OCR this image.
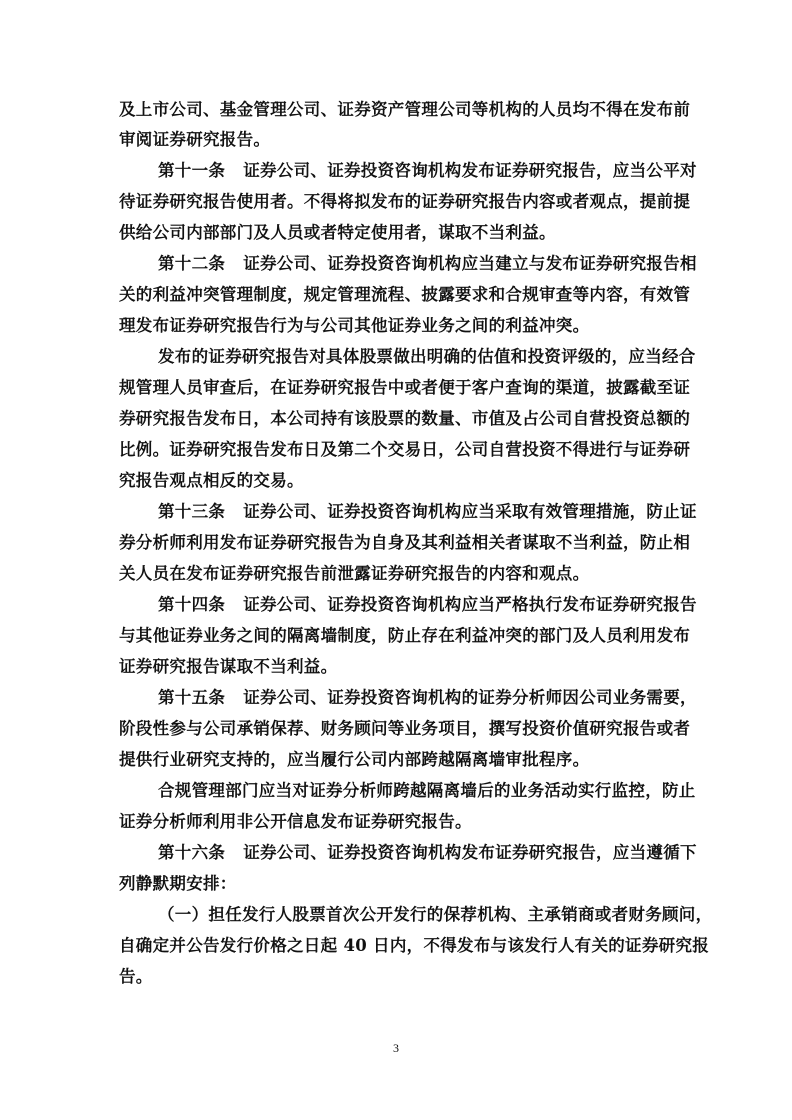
及上市公司、基金管理公司、证券资产管理公司等机构的人员均不得在发布前
审阅证券研究报告。
第十一条 证券公司、证券投资咨询机构发布证券研究报告，应当公平对
待证券研究报告使用者。不得将拟发布的证券研究报告内容或者观点，提前提
供给公司内部部门及人员或者特定使用者，谋取不当利益。
第十二条 证券公司、证券投资咨询机构应当建立与发布证券研究报告相
关的利益冲突管理制度，规定管理流程、披露要求和合规审查等内容，有效管
理发布证券研究报告行为与公司其他证券业务之间的利益冲突。
发布的证券研究报告对具体股票做出明确的估值和投资评级的，应当经合
规管理人员审查后，在证券研究报告中或者便于客户查询的渠道，披露截至证
券研究报告发布日，本公司持有该股票的数量、市值及占公司自营投资总额的
比例。证券研究报告发布日及第二个交易日，公司自营投资不得进行与证券研
究报告观点相反的交易。
第十三条 证券公司、证券投资咨询机构应当采取有效管理措施，防止证
券分析师利用发布证券研究报告为自身及其利益相关者谋取不当利益，防止相
关人员在发布证券研究报告前泄露证券研究报告的内容和观点。
第十四条 证券公司、证券投资咨询机构应当严格执行发布证券研究报告
与其他证券业务之间的隔离墙制度，防止存在利益冲突的部门及人员利用发布
证券研究报告谋取不当利益。
第十五条 证券公司、证券投资咨询机构的证券分析师因公司业务需要，
阶段性参与公司承销保荐、财务顾问等业务项目，撰写投资价值研究报告或者
提供行业研究支持的，应当履行公司内部跨越隔离墙审批程序。
合规管理部门应当对证券分析师跨越隔离墙后的业务活动实行监控，防止
证券分析师利用非公开信息发布证券研究报告。
第十六条 证券公司、证券投资咨询机构发布证券研究报告，应当遵循下
列静默期安排：
（一）担任发行人股票首次公开发行的保荐机构、主承销商或者财务顾问，
自确定并公告发行价格之日起 40 日内，不得发布与该发行人有关的证券研究报
告。
3
